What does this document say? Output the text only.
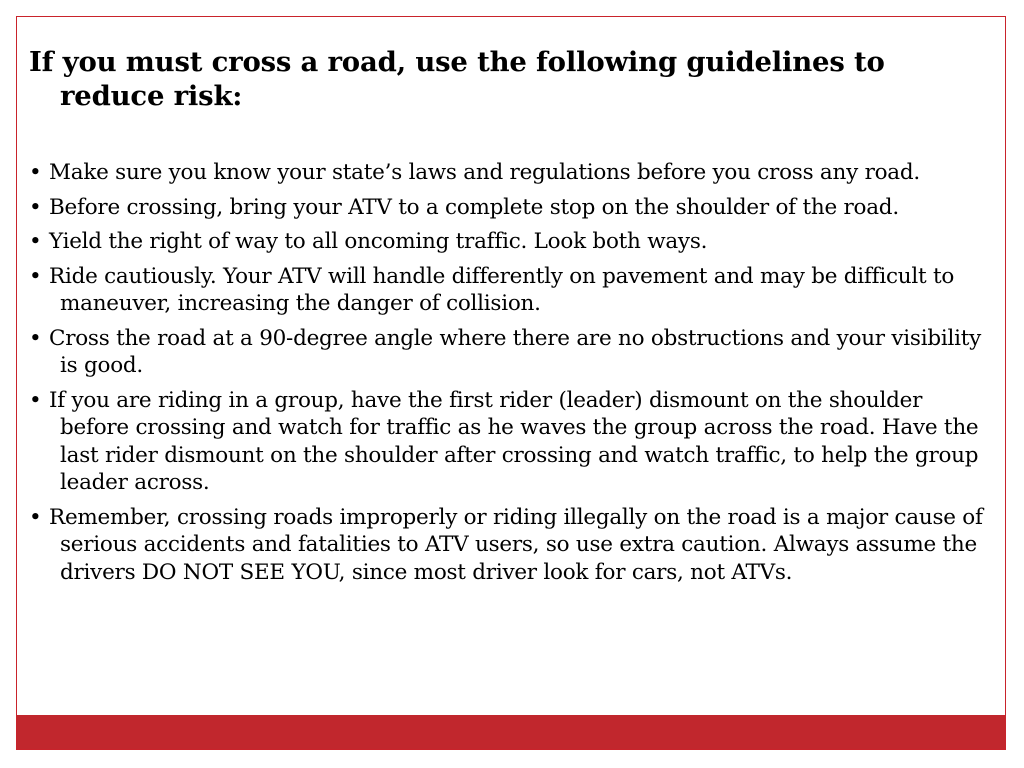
If you must cross a road, use the following guidelines to reduce risk:
• Make sure you know your state’s laws and regulations before you cross any road.
• Before crossing, bring your ATV to a complete stop on the shoulder of the road.
• Yield the right of way to all oncoming traffic. Look both ways.
• Ride cautiously. Your ATV will handle differently on pavement and may be difficult to maneuver, increasing the danger of collision.
• Cross the road at a 90-degree angle where there are no obstructions and your visibility is good.
• If you are riding in a group, have the first rider (leader) dismount on the shoulder before crossing and watch for traffic as he waves the group across the road. Have the last rider dismount on the shoulder after crossing and watch traffic, to help the group leader across.
• Remember, crossing roads improperly or riding illegally on the road is a major cause of serious accidents and fatalities to ATV users, so use extra caution. Always assume the drivers DO NOT SEE YOU, since most driver look for cars, not ATVs.
